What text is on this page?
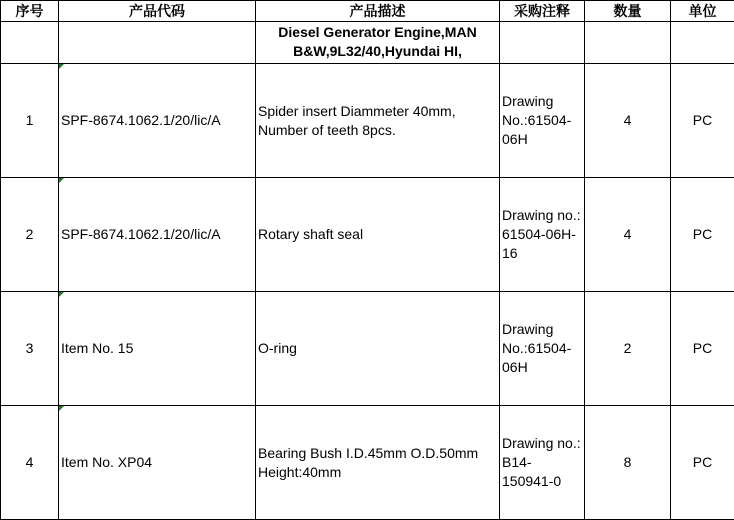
序号	产品代码	产品描述	采购注释	数量	单位
		Diesel Generator Engine,MAN B&W,9L32/40,Hyundai HI,			
1	SPF-8674.1062.1/20/lic/A	Spider insert Diammeter 40mm, Number of teeth 8pcs.	Drawing No.:61504-06H	4	PC
2	SPF-8674.1062.1/20/lic/A	Rotary shaft seal	Drawing no.: 61504-06H-16	4	PC
3	Item No. 15	O-ring	Drawing No.:61504-06H	2	PC
4	Item No. XP04	Bearing Bush I.D.45mm O.D.50mm Height:40mm	Drawing no.: B14-150941-0	8	PC
